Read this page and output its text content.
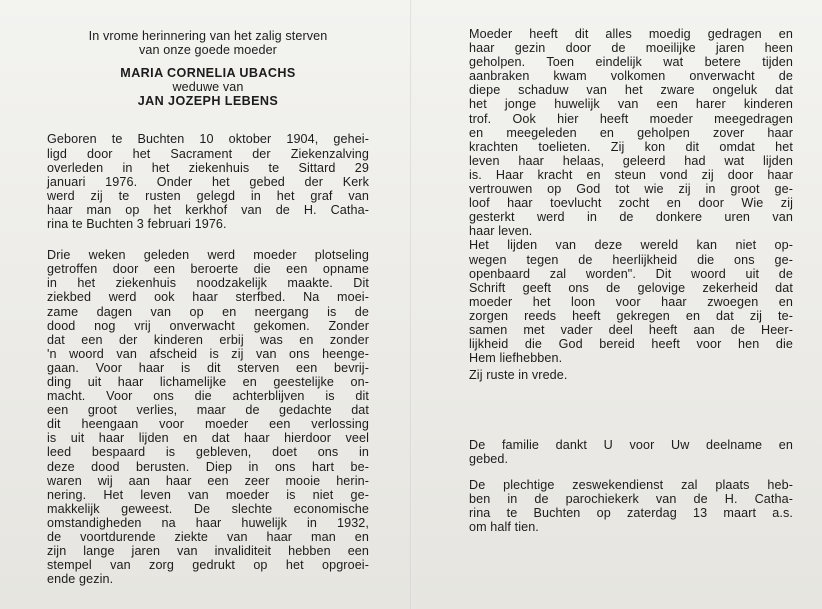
In vrome herinnering van het zalig sterven
van onze goede moeder
MARIA CORNELIA UBACHS
weduwe van
JAN JOZEPH LEBENS
Geboren te Buchten 10 oktober 1904, gehei-
ligd door het Sacrament der Ziekenzalving
overleden in het ziekenhuis te Sittard 29
januari 1976. Onder het gebed der Kerk
werd zij te rusten gelegd in het graf van
haar man op het kerkhof van de H. Catha-
rina te Buchten 3 februari 1976.
Drie weken geleden werd moeder plotseling
getroffen door een beroerte die een opname
in het ziekenhuis noodzakelijk maakte. Dit
ziekbed werd ook haar sterfbed. Na moei-
zame dagen van op en neergang is de
dood nog vrij onverwacht gekomen. Zonder
dat een der kinderen erbij was en zonder
'n woord van afscheid is zij van ons heenge-
gaan. Voor haar is dit sterven een bevrij-
ding uit haar lichamelijke en geestelijke on-
macht. Voor ons die achterblijven is dit
een groot verlies, maar de gedachte dat
dit heengaan voor moeder een verlossing
is uit haar lijden en dat haar hierdoor veel
leed bespaard is gebleven, doet ons in
deze dood berusten. Diep in ons hart be-
waren wij aan haar een zeer mooie herin-
nering. Het leven van moeder is niet ge-
makkelijk geweest. De slechte economische
omstandigheden na haar huwelijk in 1932,
de voortdurende ziekte van haar man en
zijn lange jaren van invaliditeit hebben een
stempel van zorg gedrukt op het opgroei-
ende gezin.
Moeder heeft dit alles moedig gedragen en
haar gezin door de moeilijke jaren heen
geholpen. Toen eindelijk wat betere tijden
aanbraken kwam volkomen onverwacht de
diepe schaduw van het zware ongeluk dat
het jonge huwelijk van een harer kinderen
trof. Ook hier heeft moeder meegedragen
en meegeleden en geholpen zover haar
krachten toelieten. Zij kon dit omdat het
leven haar helaas, geleerd had wat lijden
is. Haar kracht en steun vond zij door haar
vertrouwen op God tot wie zij in groot ge-
loof haar toevlucht zocht en door Wie zij
gesterkt werd in de donkere uren van
haar leven.
Het lijden van deze wereld kan niet op-
wegen tegen de heerlijkheid die ons ge-
openbaard zal worden". Dit woord uit de
Schrift geeft ons de gelovige zekerheid dat
moeder het loon voor haar zwoegen en
zorgen reeds heeft gekregen en dat zij te-
samen met vader deel heeft aan de Heer-
lijkheid die God bereid heeft voor hen die
Hem liefhebben.
Zij ruste in vrede.
De familie dankt U voor Uw deelname en
gebed.
De plechtige zeswekendienst zal plaats heb-
ben in de parochiekerk van de H. Catha-
rina te Buchten op zaterdag 13 maart a.s.
om half tien.
